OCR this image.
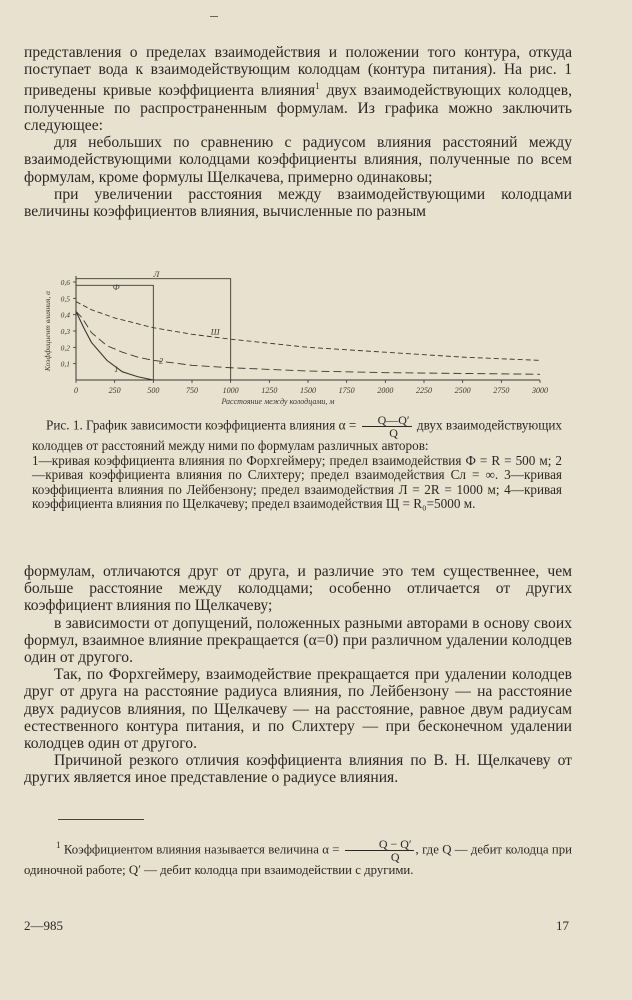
представления о пределах взаимодействия и положении того контура, откуда поступает вода к взаимодействующим колодцам (контура питания). На рис. 1 приведены кривые коэффициента влияния$^1$ двух взаимодействующих колодцев, полученные по распространенным формулам. Из графика можно заключить следующее:

для небольших по сравнению с радиусом влияния расстояний между взаимодействующими колодцами коэффициенты влияния, полученные по всем формулам, кроме формулы Щелкачева, примерно одинаковы;

при увеличении расстояния между взаимодействующими колодцами величины коэффициентов влияния, вычисленные по разным

0	250	500	750	1000	1250	1500	1750	2000	2250	2500	2750	3000
0,1
0,2
0,3
0,4
0,5
0,6
Расстояние между колодцами, м
Коэффициент влияния, α
Ф
Л
Ш
2
1

Рис. 1. График зависимости коэффициента влияния $\alpha = \frac{Q—Q'}{Q}$ двух взаимодействующих колодцев от расстояний между ними по формулам различных авторов:

1—кривая коэффициента влияния по Форхгеймеру; предел взаимодействия Ф = R = 500 м; 2—кривая коэффициента влияния по Слихтеру; предел взаимодействия Сл = ∞. 3—кривая коэффициента влияния по Лейбензону; предел взаимодействия Л = 2R = 1000 м; 4—кривая коэффициента влияния по Щелкачеву; предел взаимодействия Щ = R₀=5000 м.

формулам, отличаются друг от друга, и различие это тем существеннее, чем больше расстояние между колодцами; особенно отличается от других коэффициент влияния по Щелкачеву;

в зависимости от допущений, положенных разными авторами в основу своих формул, взаимное влияние прекращается (α=0) при различном удалении колодцев один от другого.

Так, по Форхгеймеру, взаимодействие прекращается при удалении колодцев друг от друга на расстояние радиуса влияния, по Лейбензону — на расстояние двух радиусов влияния, по Щелкачеву — на расстояние, равное двум радиусам естественного контура питания, и по Слихтеру — при бесконечном удалении колодцев один от другого.

Причиной резкого отличия коэффициента влияния по В. Н. Щелкачеву от других является иное представление о радиусе влияния.

$^1$ Коэффициентом влияния называется величина $\alpha = \frac{Q - Q'}{Q}$ , где Q — дебит колодца при одиночной работе; Q′ — дебит колодца при взаимодействии с другими.

2—985	17
